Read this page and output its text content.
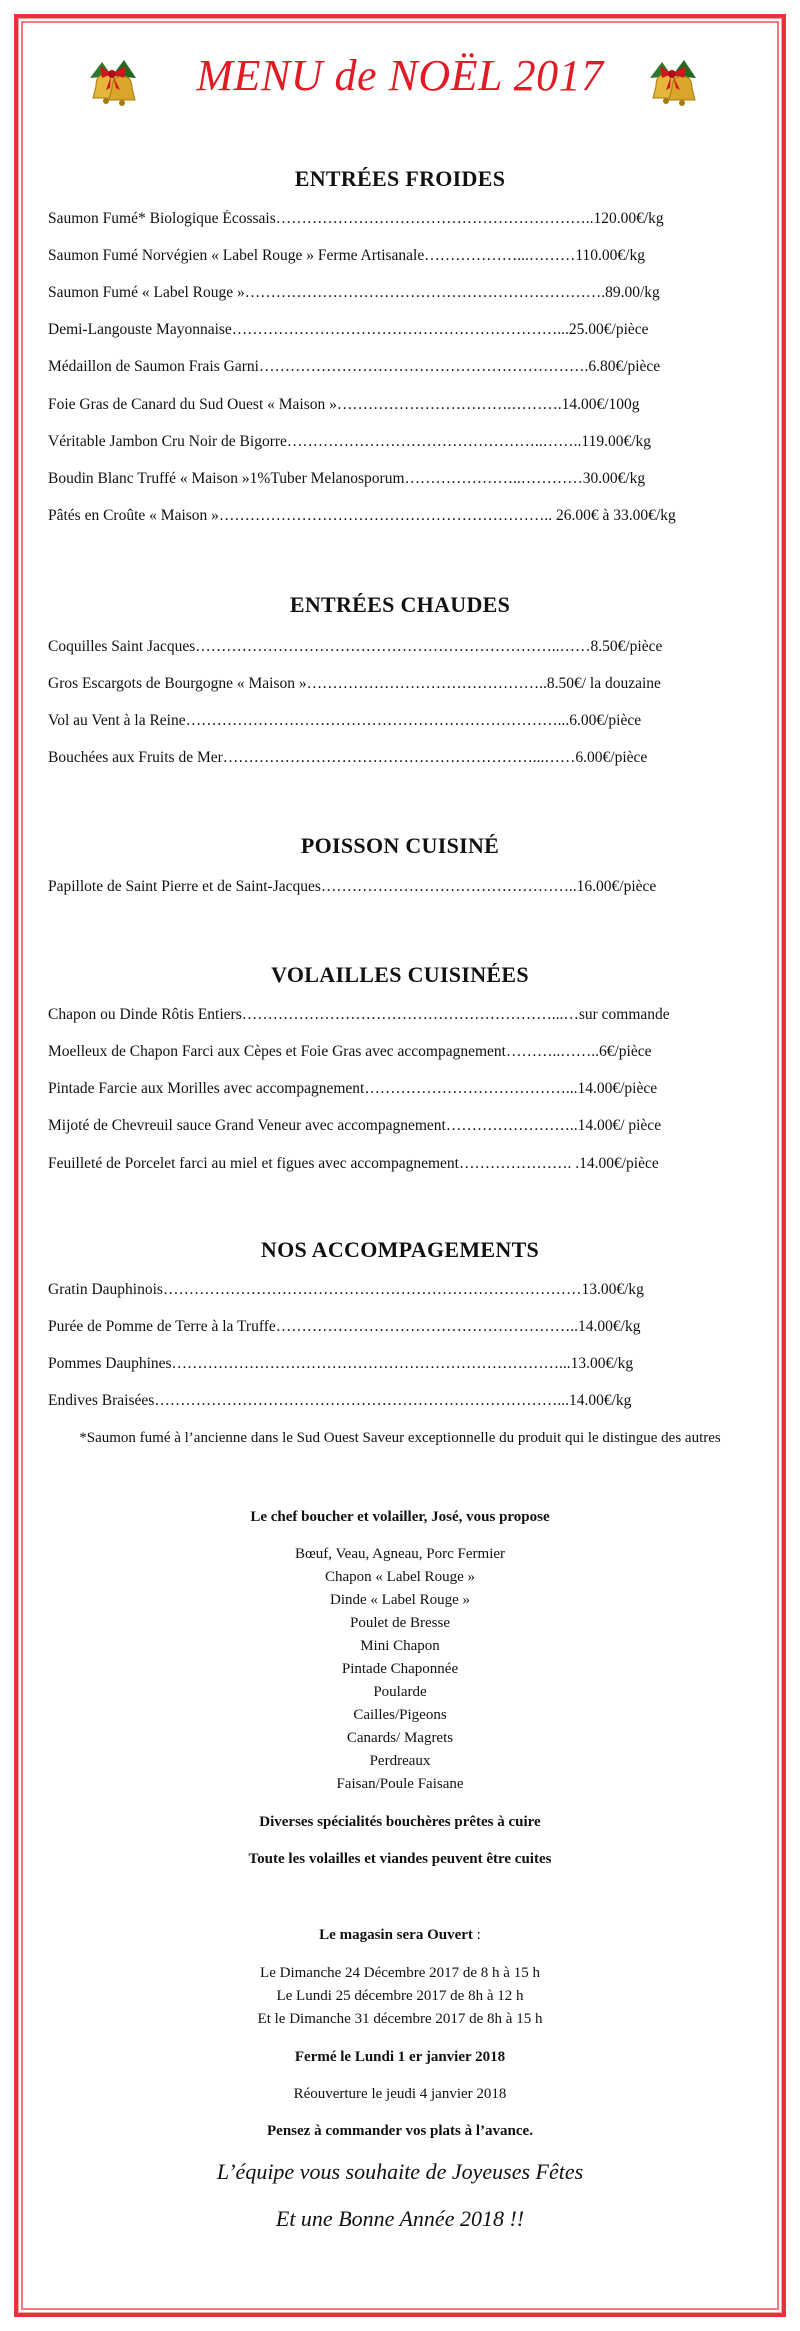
MENU de NOËL 2017
ENTRÉES FROIDES

Saumon Fumé* Biologique Écossais……………………………………………………..120.00€/kg

Saumon Fumé Norvégien « Label Rouge » Ferme Artisanale………………...………110.00€/kg

Saumon Fumé « Label Rouge »…………………………………………………………….89.00/kg

Demi-Langouste Mayonnaise………………………………………………………...25.00€/pièce

Médaillon de Saumon Frais Garni……………………………………………………….6.80€/pièce

Foie Gras de Canard du Sud Ouest « Maison »…………………………….……….14.00€/100g

Véritable Jambon Cru Noir de Bigorre…………………………………………..……..119.00€/kg

Boudin Blanc Truffé « Maison »1%Tuber Melanosporum…………………..…………30.00€/kg

Pâtés en Croûte « Maison »……………………………………………………….. 26.00€ à 33.00€/kg

ENTRÉES CHAUDES

Coquilles Saint Jacques……………………………………………………………..……8.50€/pièce

Gros Escargots de Bourgogne « Maison »………………………………………..8.50€/ la douzaine

Vol au Vent à la Reine………………………………………………………………...6.00€/pièce

Bouchées aux Fruits de Mer……………………………………………………...……6.00€/pièce

POISSON CUISINÉ

Papillote de Saint Pierre et de Saint-Jacques…………………………………………..16.00€/pièce

VOLAILLES CUISINÉES

Chapon ou Dinde Rôtis Entiers……………………………………………………...…sur commande

Moelleux de Chapon Farci aux Cèpes et Foie Gras avec accompagnement………..……..6€/pièce

Pintade Farcie aux Morilles avec accompagnement…………………………………...14.00€/pièce

Mijoté de Chevreuil sauce Grand Veneur avec accompagnement……………………..14.00€/ pièce

Feuilleté de Porcelet farci au miel et figues avec accompagnement…………………. .14.00€/pièce

NOS ACCOMPAGEMENTS

Gratin Dauphinois………………………………………………………………………13.00€/kg

Purée de Pomme de Terre à la Truffe…………………………………………………..14.00€/kg

Pommes Dauphines…………………………………………………………………...13.00€/kg

Endives Braisées……………………………………………………………………...14.00€/kg

*Saumon fumé à l’ancienne dans le Sud Ouest Saveur exceptionnelle du produit qui le distingue des autres
Le chef boucher et volailler, José, vous propose
Bœuf, Veau, Agneau, Porc Fermier
Chapon « Label Rouge »
Dinde « Label Rouge »
Poulet de Bresse
Mini Chapon
Pintade Chaponnée
Poularde
Cailles/Pigeons
Canards/ Magrets
Perdreaux
Faisan/Poule Faisane
Diverses spécialités bouchères prêtes à cuire
Toute les volailles et viandes peuvent être cuites
Le magasin sera Ouvert :
Le Dimanche 24 Décembre 2017 de 8 h à 15 h
Le Lundi 25 décembre 2017 de 8h à 12 h
Et le Dimanche 31 décembre 2017 de 8h à 15 h
Fermé le Lundi 1 er janvier 2018
Réouverture le jeudi 4 janvier 2018
Pensez à commander vos plats à l’avance.
L’équipe vous souhaite de Joyeuses Fêtes
Et une Bonne Année 2018 !!
